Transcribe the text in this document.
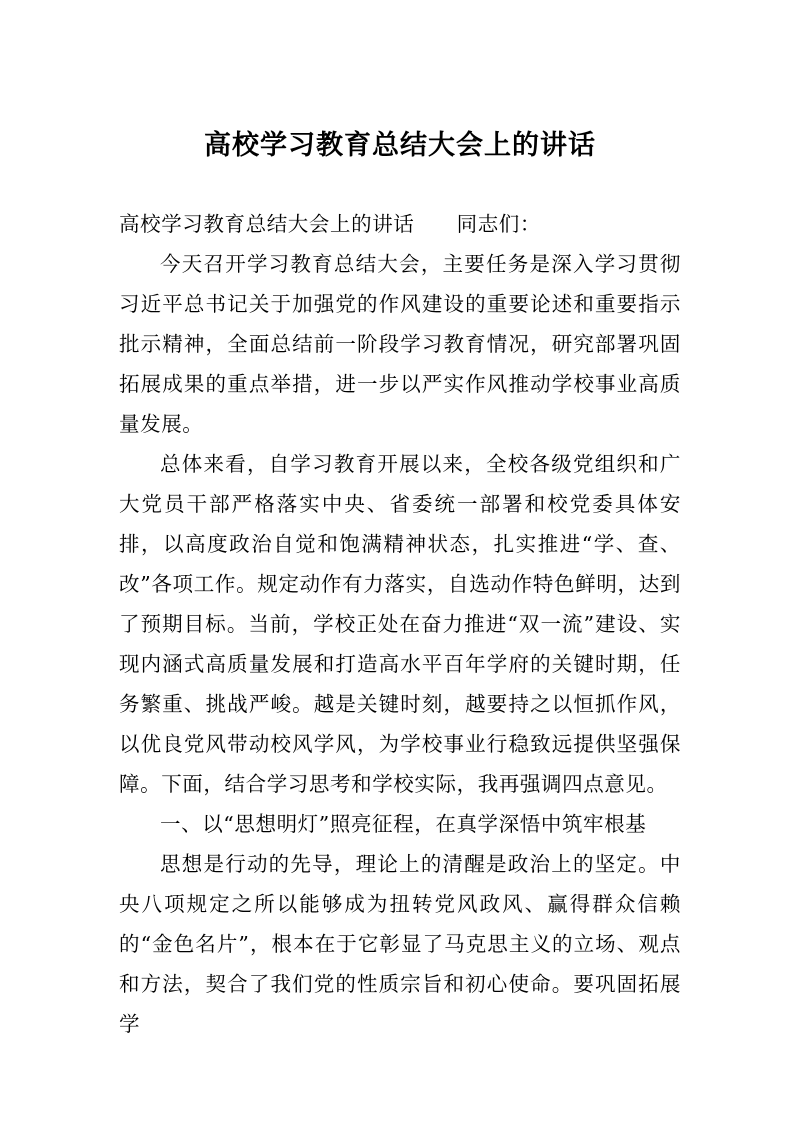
高校学习教育总结大会上的讲话

高校学习教育总结大会上的讲话　　同志们：

今天召开学习教育总结大会，主要任务是深入学习贯彻习近平总书记关于加强党的作风建设的重要论述和重要指示批示精神，全面总结前一阶段学习教育情况，研究部署巩固拓展成果的重点举措，进一步以严实作风推动学校事业高质量发展。

总体来看，自学习教育开展以来，全校各级党组织和广大党员干部严格落实中央、省委统一部署和校党委具体安排，以高度政治自觉和饱满精神状态，扎实推进“学、查、改”各项工作。规定动作有力落实，自选动作特色鲜明，达到了预期目标。当前，学校正处在奋力推进“双一流”建设、实现内涵式高质量发展和打造高水平百年学府的关键时期，任务繁重、挑战严峻。越是关键时刻，越要持之以恒抓作风，以优良党风带动校风学风，为学校事业行稳致远提供坚强保障。下面，结合学习思考和学校实际，我再强调四点意见。

一、以“思想明灯”照亮征程，在真学深悟中筑牢根基

思想是行动的先导，理论上的清醒是政治上的坚定。中央八项规定之所以能够成为扭转党风政风、赢得群众信赖的“金色名片”，根本在于它彰显了马克思主义的立场、观点和方法，契合了我们党的性质宗旨和初心使命。要巩固拓展学
